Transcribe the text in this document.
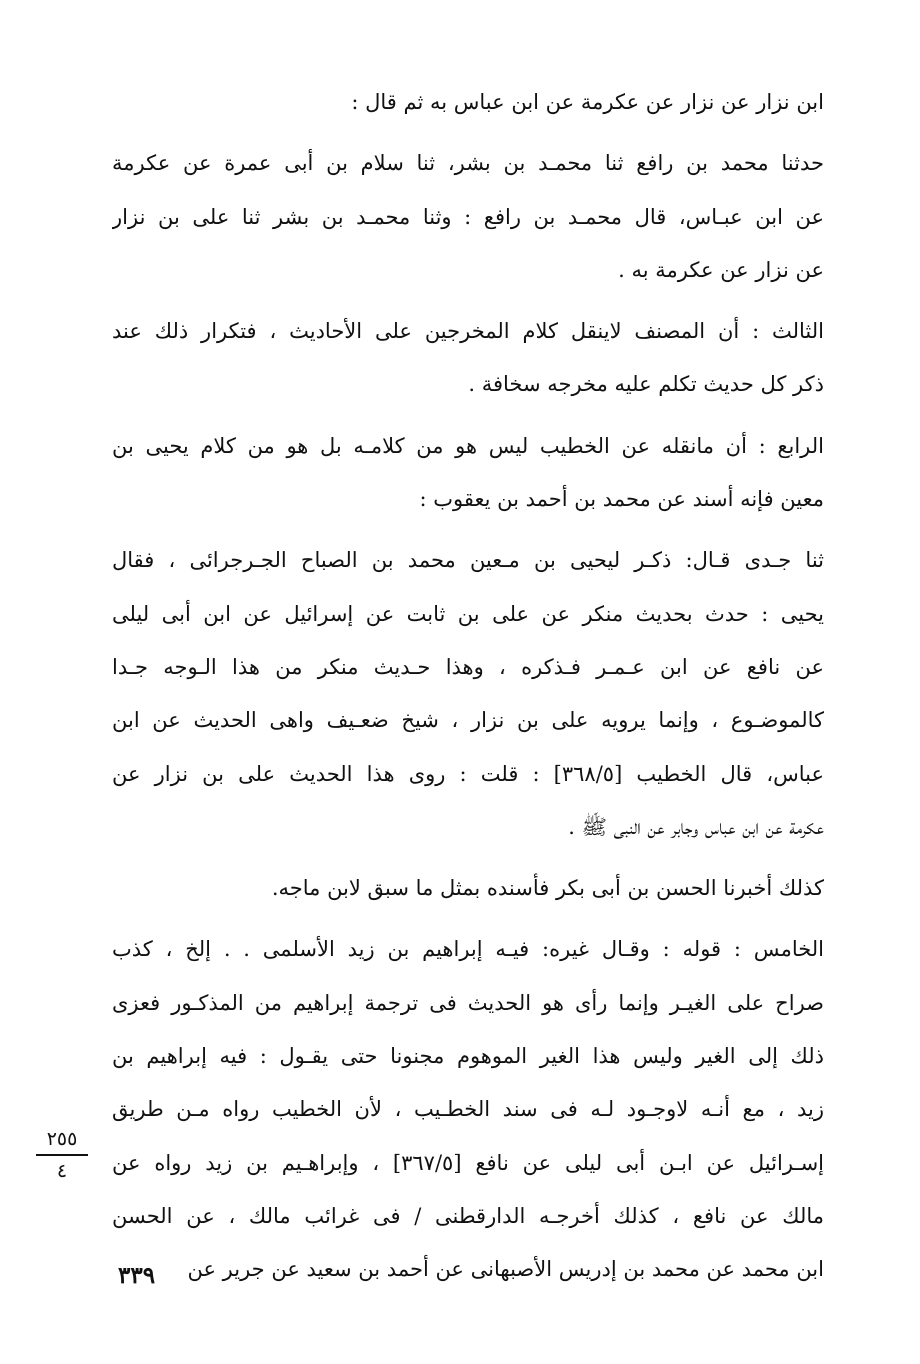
ابن نزار عن نزار عن عكرمة عن ابن عباس به ثم قال :
حدثنا محمد بن رافع ثنا محمـد بن بشر، ثنا سلام بن أبى عمرة عن عكرمة
عن ابن عبـاس، قال محمـد بن رافع : وثنا محمـد بن بشر ثنا على بن نزار
عن نزار عن عكرمة به .
الثالث : أن المصنف لاينقل كلام المخرجين على الأحاديث ، فتكرار ذلك عند
ذكر كل حديث تكلم عليه مخرجه سخافة .
الرابع : أن مانقله عن الخطيب ليس هو من كلامـه بل هو من كلام يحيى بن
معين فإنه أسند عن محمد بن أحمد بن يعقوب :
ثنا جـدى قـال: ذكـر ليحيى بن مـعين محمد بن الصباح الجـرجرائى ، فقال
يحيى : حدث بحديث منكر عن على بن ثابت عن إسرائيل عن ابن أبى ليلى
عن نافع عن ابن عـمـر فـذكره ، وهذا حـديث منكر من هذا الـوجه جـدا
كالموضـوع ، وإنما يرويه على بن نزار ، شيخ ضعـيف واهى الحديث عن ابن
عباس، قال الخطيب [٣٦٨/٥] : قلت : روى هذا الحديث على بن نزار عن
عكرمة عن ابن عباس وجابر عن النبى ﷺ .
كذلك أخبرنا الحسن بن أبى بكر فأسنده بمثل ما سبق لابن ماجه.
الخامس : قوله : وقـال غيره: فيـه إبراهيم بن زيد الأسلمى . . إلخ ، كذب
صراح على الغيـر وإنما رأى هو الحديث فى ترجمة إبراهيم من المذكـور فعزى
ذلك إلى الغير وليس هذا الغير الموهوم مجنونا حتى يقـول : فيه إبراهيم بن
زيد ، مع أنـه لاوجـود لـه فى سند الخطـيب ، لأن الخطيب رواه مـن طريق
إسـرائيل عن ابـن أبى ليلى عن نافع [٣٦٧/٥] ، وإبراهـيم بن زيد رواه عن
مالك عن نافع ، كذلك أخرجـه الدارقطنى / فى غرائب مالك ، عن الحسن
ابن محمد عن محمد بن إدريس الأصبهانى عن أحمد بن سعيد عن جرير عن
٢٥٥
٤
٣٣٩
